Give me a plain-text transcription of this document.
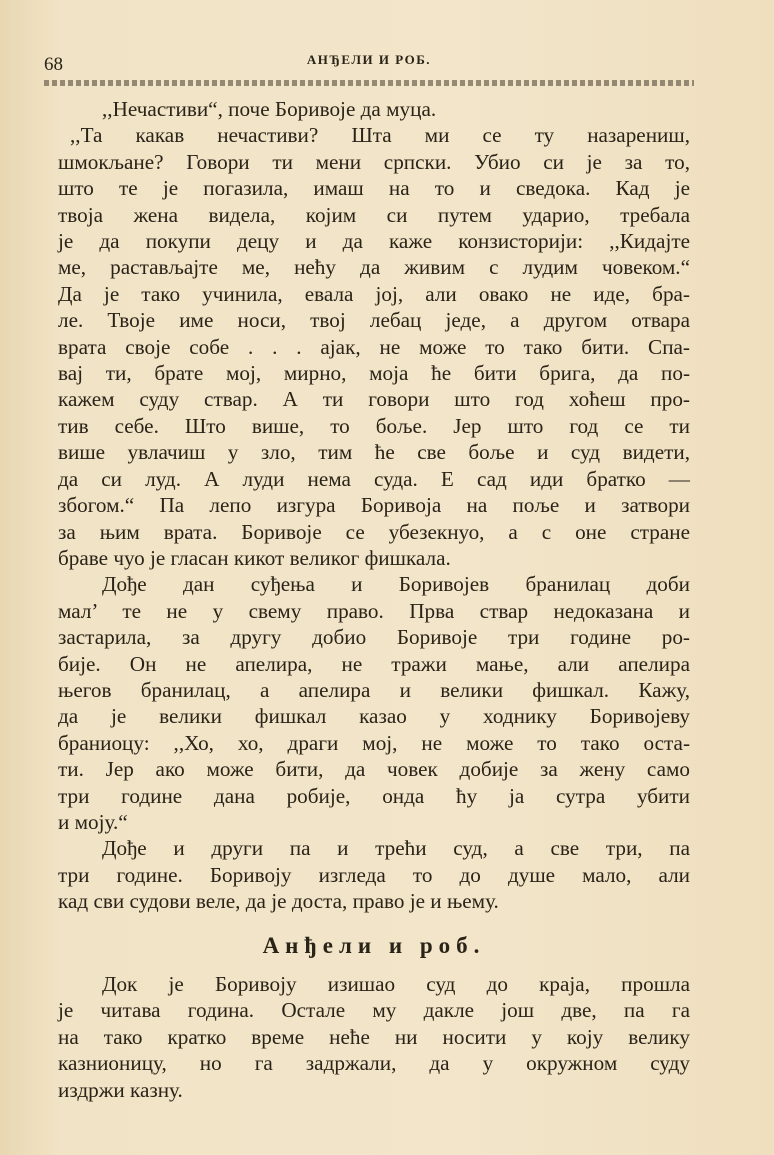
68	АНЂЕЛИ И РОБ.
,,Нечастиви“, поче Боривоје да муца.
,,Та какав нечастиви? Шта ми се ту назарениш,
шмокљане? Говори ти мени српски. Убио си је за то,
што те је погазила, имаш на то и сведока. Кад је
твоја жена видела, којим си путем ударио, требала
је да покупи децу и да каже конзисторији: ,,Кидајте
ме, растављајте ме, нећу да живим с лудим човеком.“
Да је тако учинила, евала јој, али овако не иде, бра-
ле. Твоје име носи, твој лебац једе, а другом отвара
врата своје собе . . . ајак, не може то тако бити. Спа-
вај ти, брате мој, мирно, моја ће бити брига, да по-
кажем суду ствар. А ти говори што год хоћеш про-
тив себе. Што више, то боље. Јер што год се ти
више увлачиш у зло, тим ће све боље и суд видети,
да си луд. А луди нема суда. Е сад иди братко —
збогом.“ Па лепо изгура Боривоја на поље и затвори
за њим врата. Боривоје се убезекнуо, а с оне стране
браве чуо је гласан кикот великог фишкала.
Дође дан суђења и Боривојев бранилац доби
мал’ те не у свему право. Прва ствар недоказана и
застарила, за другу добио Боривоје три године ро-
бије. Он не апелира, не тражи мање, али апелира
његов бранилац, а апелира и велики фишкал. Кажу,
да је велики фишкал казао у ходнику Боривојеву
браниоцу: ,,Хо, хо, драги мој, не може то тако оста-
ти. Јер ако може бити, да човек добије за жену само
три године дана робије, онда ћу ја сутра убити
и моју.“
Дође и други па и трећи суд, а све три, па
три године. Боривоју изгледа то до душе мало, али
кад сви судови веле, да је доста, право је и њему.
Анђели и роб.
Док је Боривоју изишао суд до краја, прошла
је читава година. Остале му дакле још две, па га
на тако кратко време неће ни носити у коју велику
казнионицу, но га задржали, да у окружном суду
издржи казну.
